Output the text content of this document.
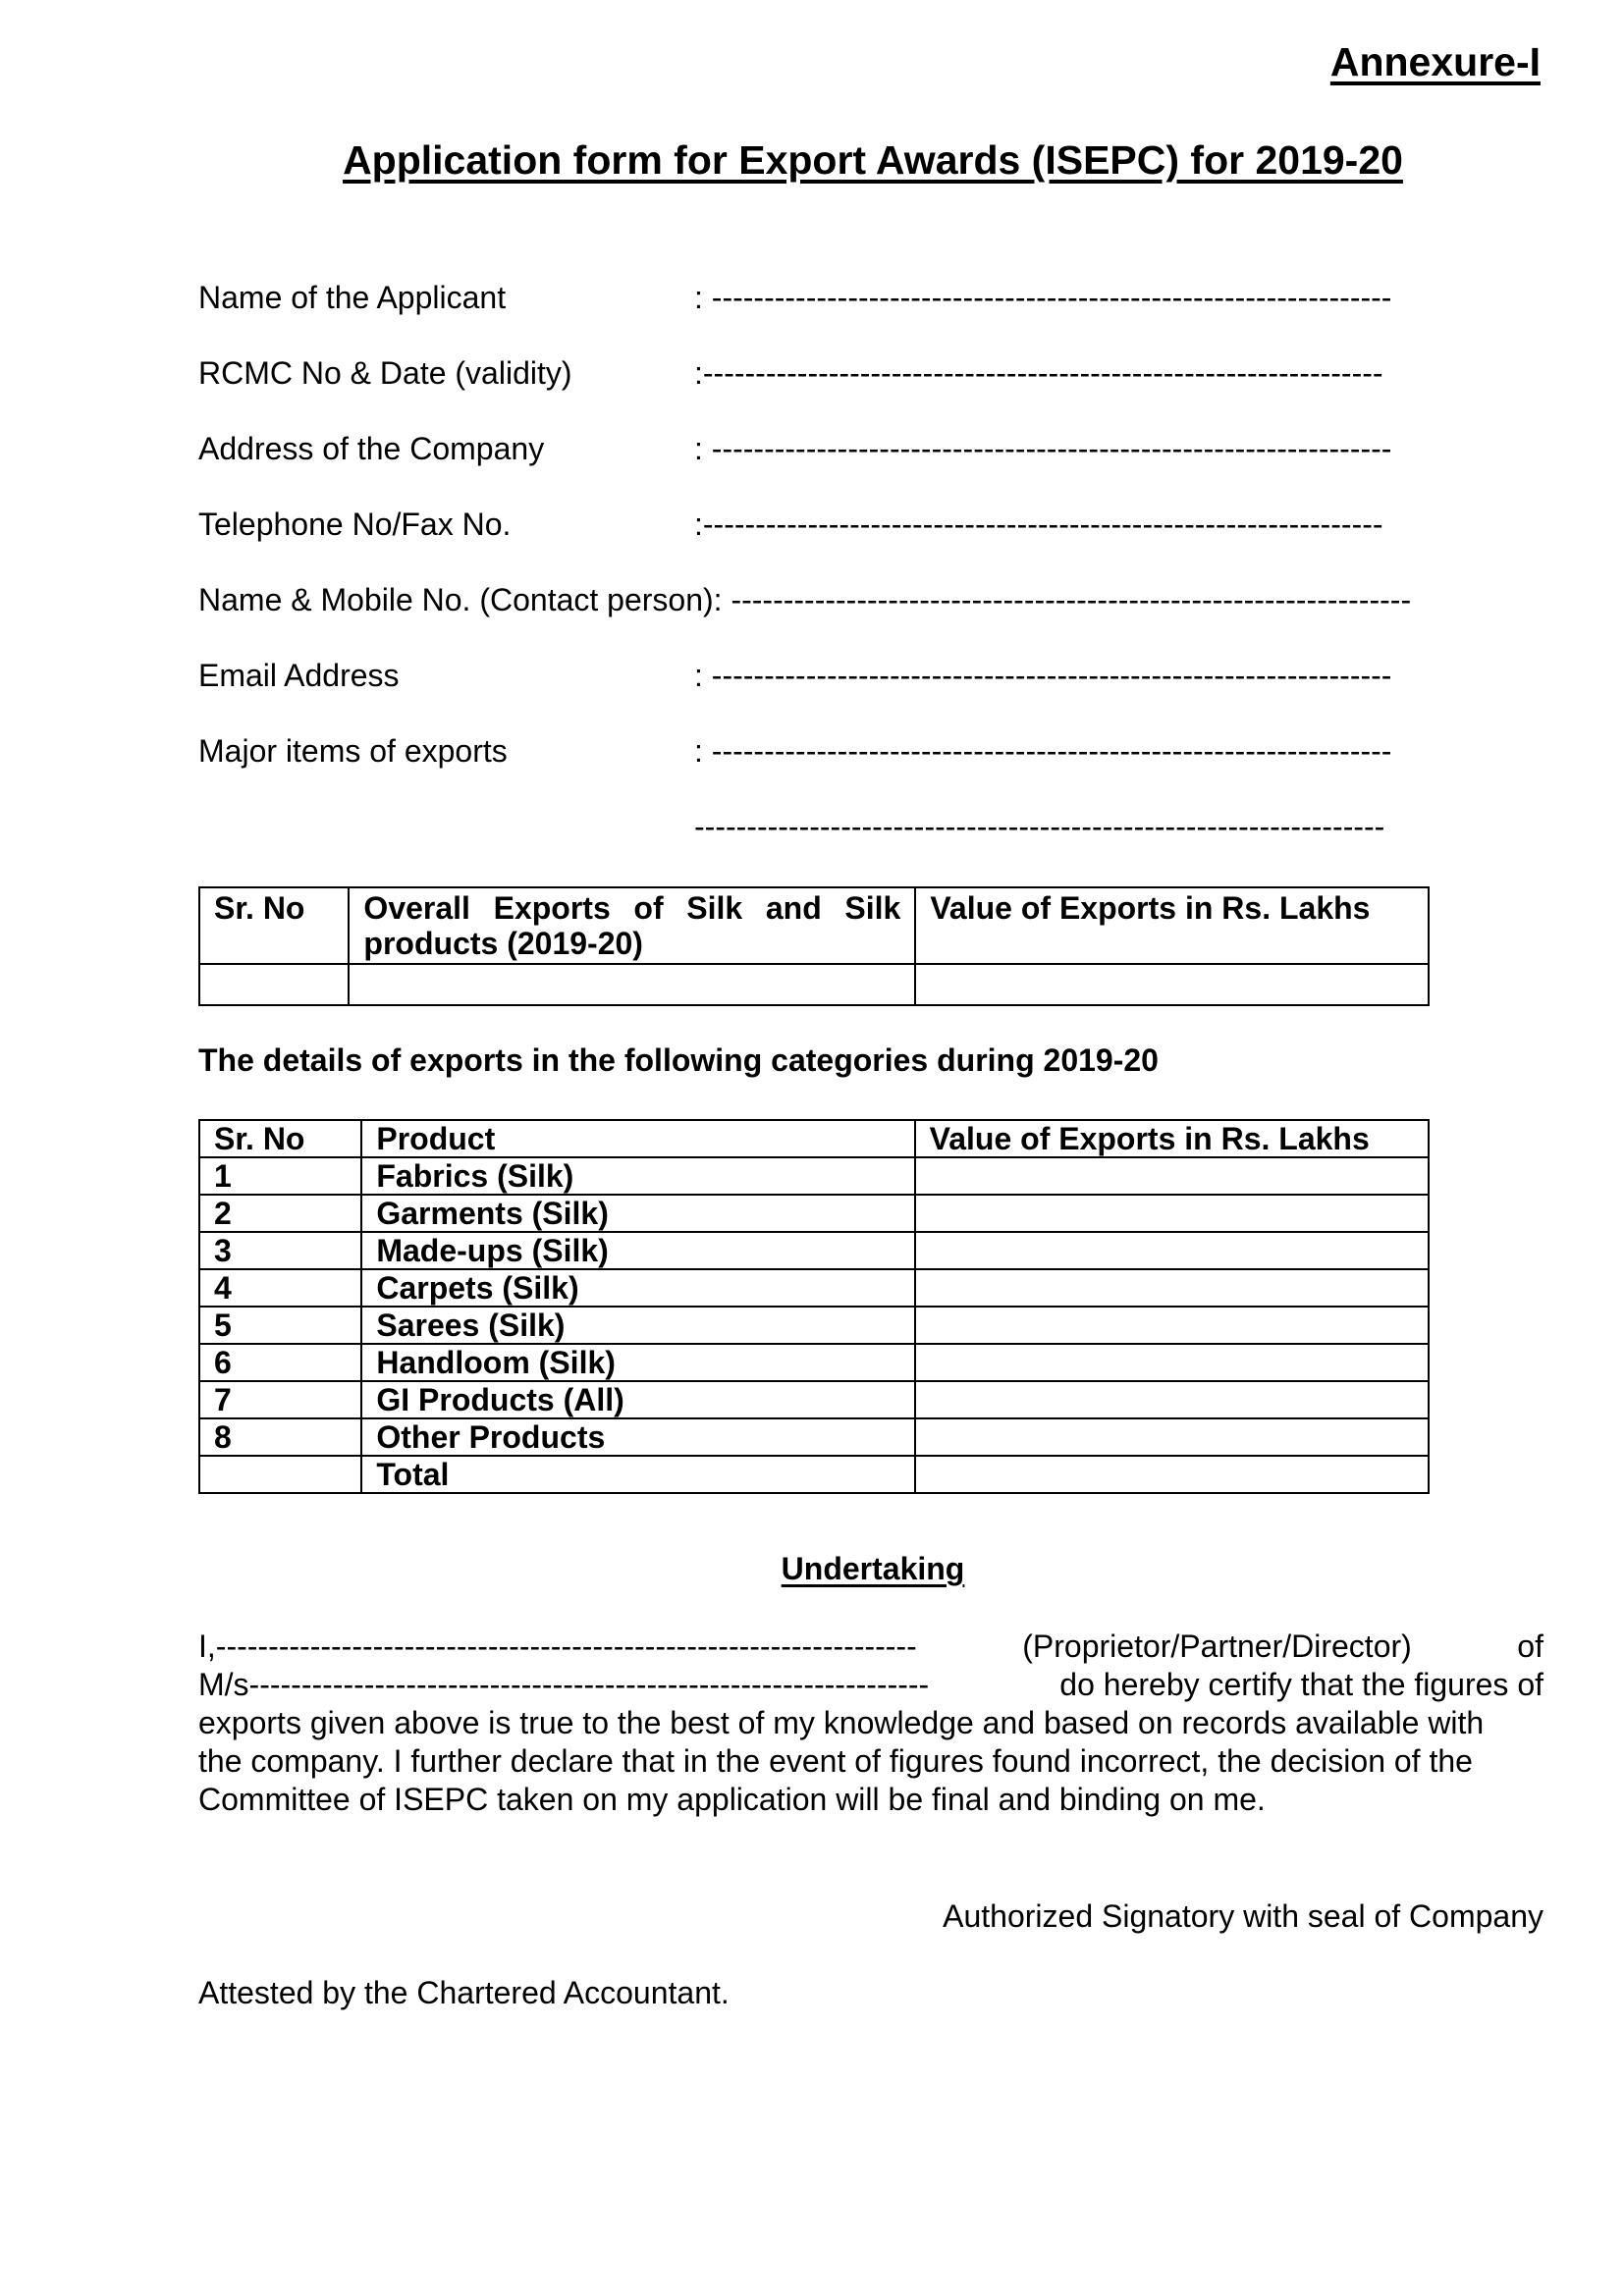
Annexure-I
Application form for Export Awards (ISEPC) for 2019-20
Name of the Applicant	: -----------------------------------------------------------------
RCMC No & Date (validity)	:-----------------------------------------------------------------
Address of the Company	: -----------------------------------------------------------------
Telephone No/Fax No.	:-----------------------------------------------------------------
Name & Mobile No. (Contact person): -----------------------------------------------------------------
Email Address	: -----------------------------------------------------------------
Major items of exports	: -----------------------------------------------------------------
------------------------------------------------------------------
Sr. No	Overall Exports of Silk and Silk products (2019-20)	Value of Exports in Rs. Lakhs

The details of exports in the following categories during 2019-20
Sr. No	Product	Value of Exports in Rs. Lakhs
1	Fabrics (Silk)	
2	Garments (Silk)	
3	Made-ups (Silk)	
4	Carpets (Silk)	
5	Sarees (Silk)	
6	Handloom (Silk)	
7	GI Products (All)	
8	Other Products	
	Total	
Undertaking
I,-------------------------------------------------------------------	(Proprietor/Partner/Director)	of
M/s-----------------------------------------------------------------	do hereby certify that the figures of
exports given above is true to the best of my knowledge and based on records available with
the company. I further declare that in the event of figures found incorrect, the decision of the
Committee of ISEPC taken on my application will be final and binding on me.
Authorized Signatory with seal of Company
Attested by the Chartered Accountant.
